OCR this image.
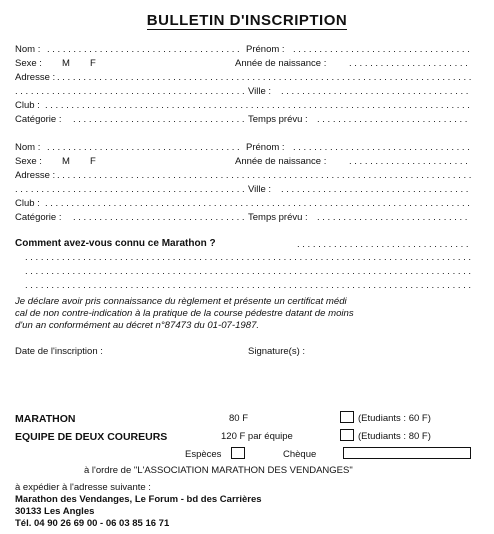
BULLETIN D'INSCRIPTION
Nom : . . .	Prénom :
. . .
Sexe : M F	Année de naissance :
. . .
Adresse :
. . .
. . .
Ville :
. . .
Club :
. . .
Catégorie : . . .	Temps prévu :
. . .
Nom : . . .	Prénom :
. . .
Sexe : M F	Année de naissance :
. . .
Adresse :
. . .
. . .
Ville :
. . .
Club :
. . .
Catégorie : . . .	Temps prévu :
. . .
Comment avez-vous connu ce Marathon ?
. . .
. . .
. . .
. . .
Je déclare avoir pris connaissance du règlement et présente un certificat médi
cal de non contre-indication à la pratique de la course pédestre datant de moins
d'un an conformément au décret n°87473 du 01-07-1987.
Date de l'inscription :	Signature(s) :
MARATHON	80 F	(Etudiants : 60 F)
EQUIPE DE DEUX COUREURS	120 F par équipe	(Etudiants : 80 F)
Espèces	Chèque
à l'ordre de "L'ASSOCIATION MARATHON DES VENDANGES"
à expédier à l'adresse suivante :
Marathon des Vendanges, Le Forum - bd des Carrières
30133 Les Angles
Tél. 04 90 26 69 00 - 06 03 85 16 71
